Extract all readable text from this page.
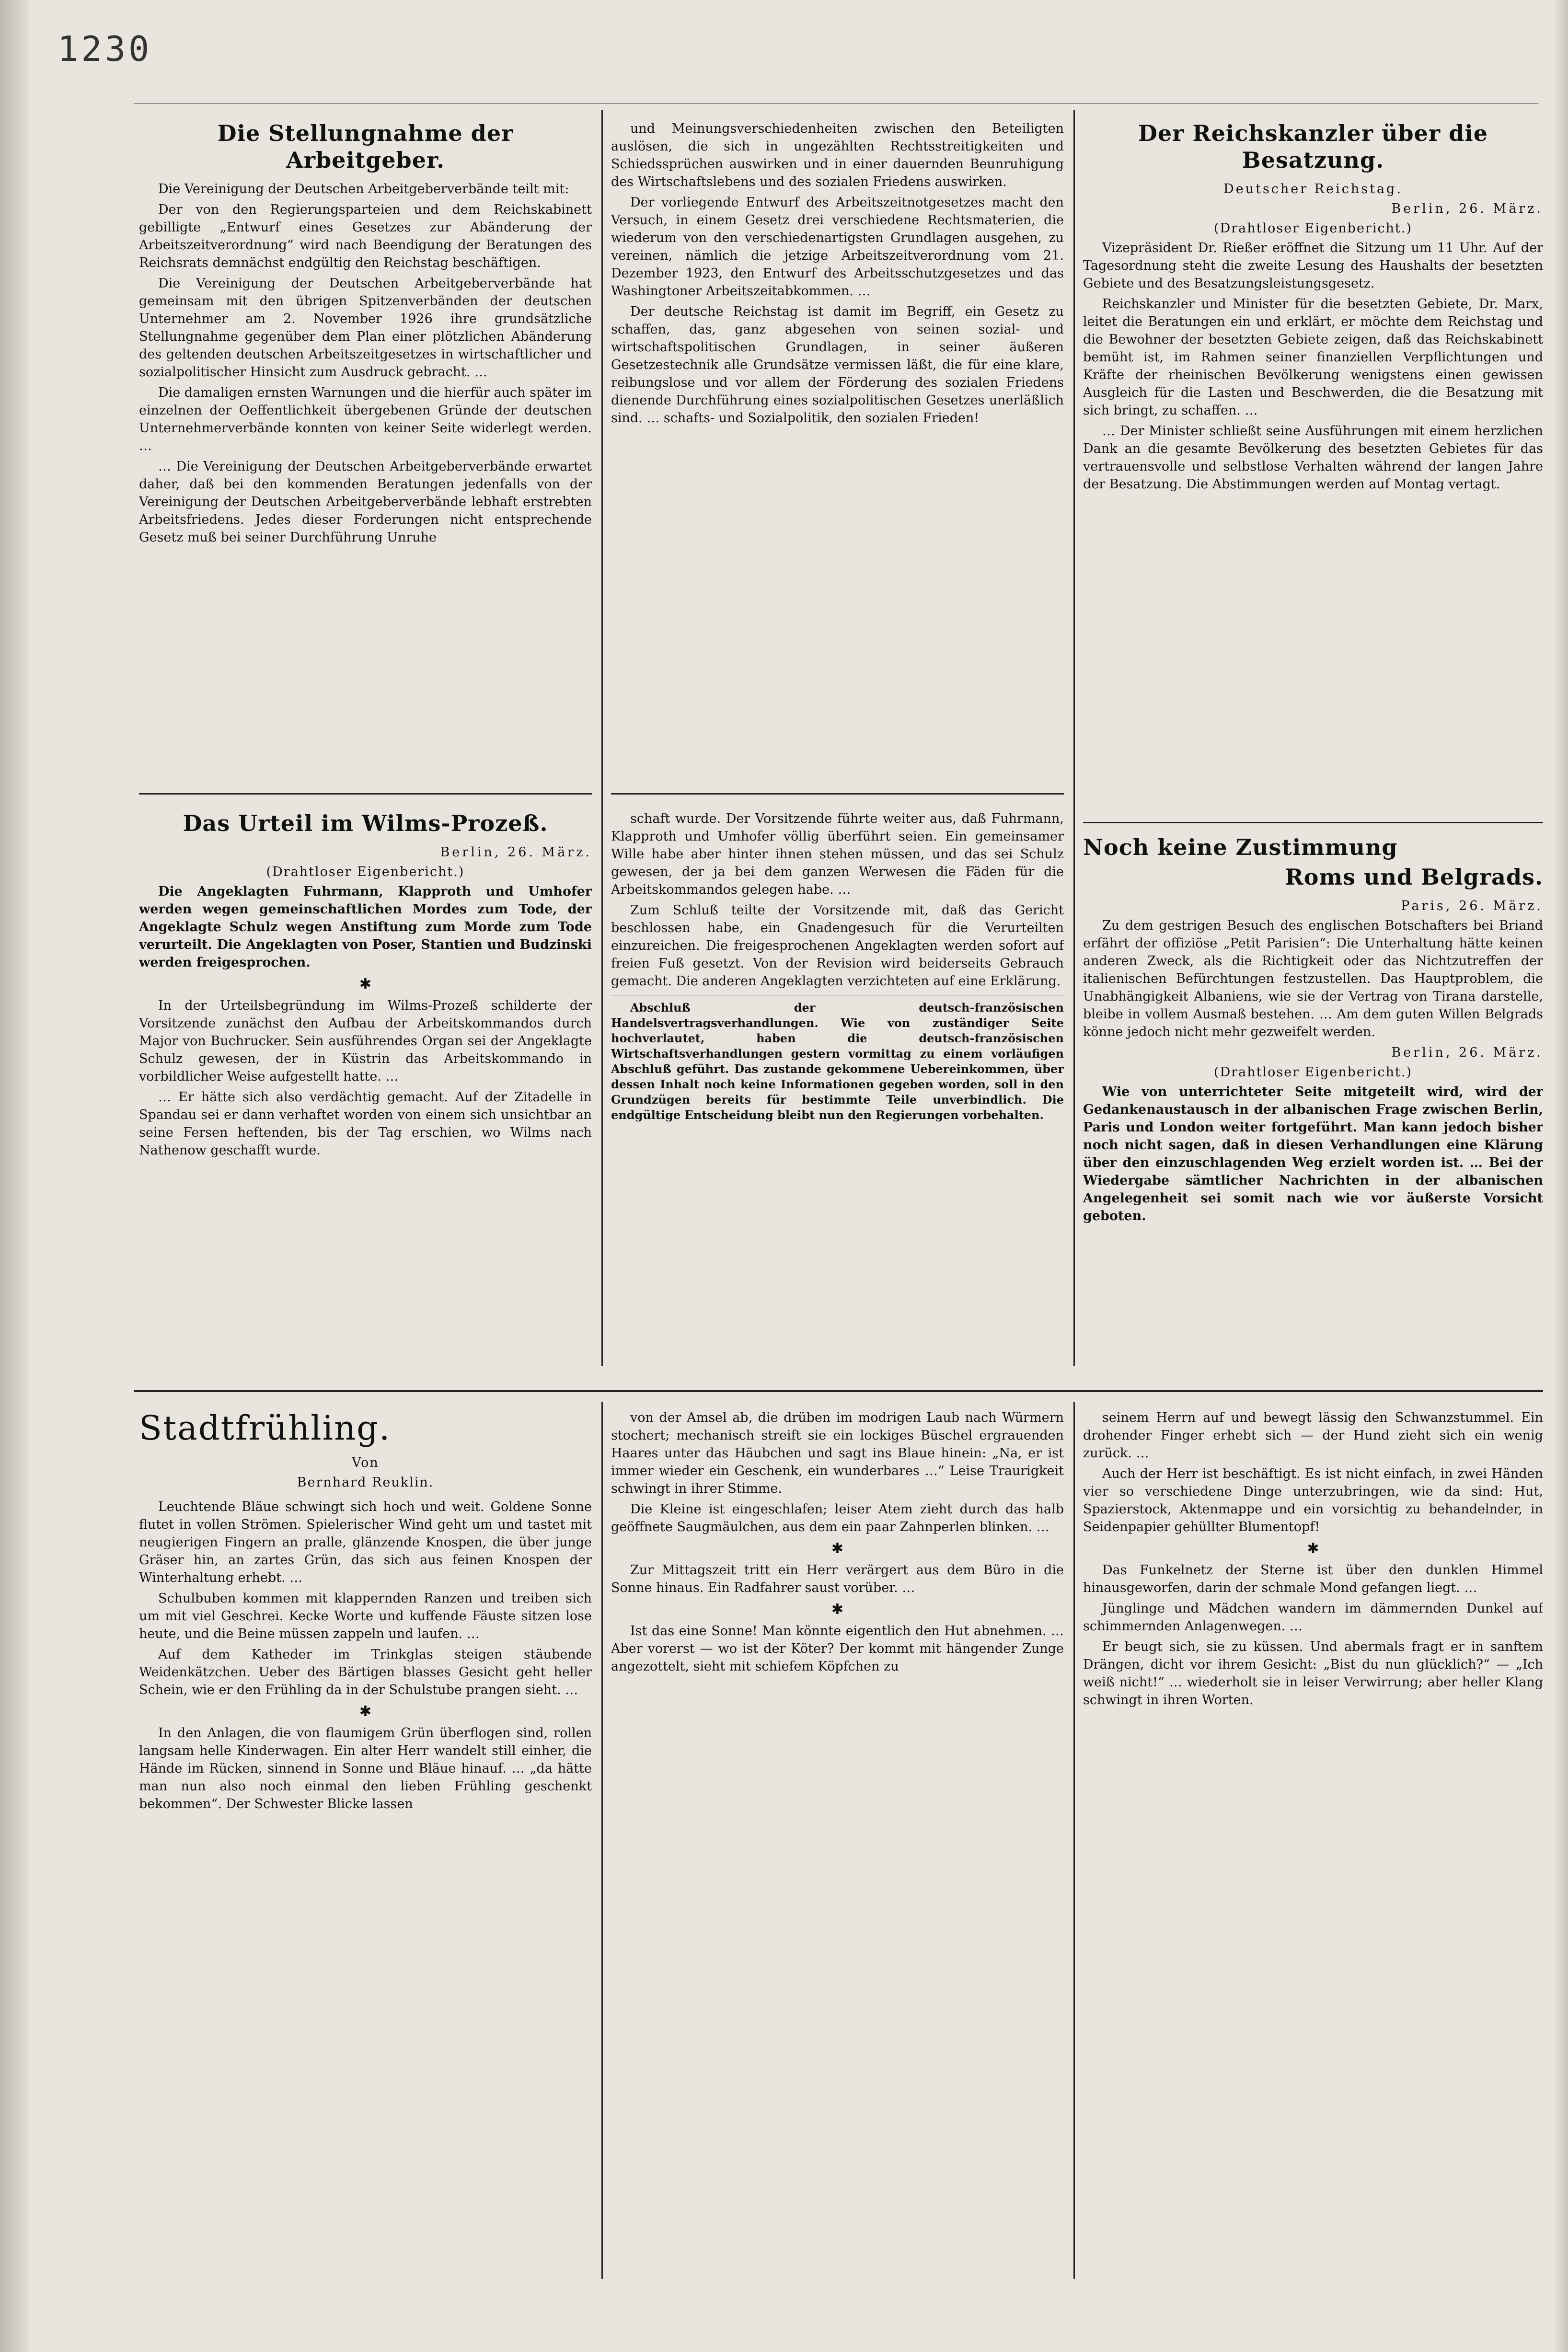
1230
Die Stellungnahme der Arbeitgeber.

Die Vereinigung der Deutschen Arbeitgeberverbände teilt mit:

Der von den Regierungsparteien und dem Reichskabinett gebilligte „Entwurf eines Gesetzes zur Abänderung der Arbeitszeitverordnung“ wird nach Beendigung der Beratungen des Reichsrats demnächst endgültig den Reichstag beschäftigen.

Die Vereinigung der Deutschen Arbeitgeberverbände hat gemeinsam mit den übrigen Spitzenverbänden der deutschen Unternehmer am 2. November 1926 ihre grundsätzliche Stellungnahme gegenüber dem Plan einer plötzlichen Abänderung des geltenden deutschen Arbeitszeitgesetzes in wirtschaftlicher und sozialpolitischer Hinsicht zum Ausdruck gebracht. …

Die damaligen ernsten Warnungen und die hierfür auch später im einzelnen der Oeffentlichkeit übergebenen Gründe der deutschen Unternehmerverbände konnten von keiner Seite widerlegt werden. …

… Die Vereinigung der Deutschen Arbeitgeberverbände erwartet daher, daß bei den kommenden Beratungen jedenfalls von der Vereinigung der Deutschen Arbeitgeberverbände lebhaft erstrebten Arbeitsfriedens. Jedes dieser Forderungen nicht entsprechende Gesetz muß bei seiner Durchführung Unruhe

und Meinungsverschiedenheiten zwischen den Beteiligten auslösen, die sich in ungezählten Rechtsstreitigkeiten und Schiedssprüchen auswirken und in einer dauernden Beunruhigung des Wirtschaftslebens und des sozialen Friedens auswirken.

Der vorliegende Entwurf des Arbeitszeitnotgesetzes macht den Versuch, in einem Gesetz drei verschiedene Rechtsmaterien, die wiederum von den verschiedenartigsten Grundlagen ausgehen, zu vereinen, nämlich die jetzige Arbeitszeitverordnung vom 21. Dezember 1923, den Entwurf des Arbeitsschutzgesetzes und das Washingtoner Arbeitszeitabkommen. …

Der deutsche Reichstag ist damit im Begriff, ein Gesetz zu schaffen, das, ganz abgesehen von seinen sozial- und wirtschaftspolitischen Grundlagen, in seiner äußeren Gesetzestechnik alle Grundsätze vermissen läßt, die für eine klare, reibungslose und vor allem der Förderung des sozialen Friedens dienende Durchführung eines sozialpolitischen Gesetzes unerläßlich sind. … schafts- und Sozialpolitik, den sozialen Frieden!

Das Urteil im Wilms-Prozeß.
Berlin, 26. März.
(Drahtloser Eigenbericht.)

Die Angeklagten Fuhrmann, Klapproth und Umhofer werden wegen gemeinschaftlichen Mordes zum Tode, der Angeklagte Schulz wegen Anstiftung zum Morde zum Tode verurteilt. Die Angeklagten von Poser, Stantien und Budzinski werden freigesprochen.

✱

In der Urteilsbegründung im Wilms-Prozeß schilderte der Vorsitzende zunächst den Aufbau der Arbeitskommandos durch Major von Buchrucker. Sein ausführendes Organ sei der Angeklagte Schulz gewesen, der in Küstrin das Arbeitskommando in vorbildlicher Weise aufgestellt hatte. …

… Er hätte sich also verdächtig gemacht. Auf der Zitadelle in Spandau sei er dann verhaftet worden von einem sich unsichtbar an seine Fersen heftenden, bis der Tag erschien, wo Wilms nach Nathenow geschafft wurde.

schaft wurde. Der Vorsitzende führte weiter aus, daß Fuhrmann, Klapproth und Umhofer völlig überführt seien. Ein gemeinsamer Wille habe aber hinter ihnen stehen müssen, und das sei Schulz gewesen, der ja bei dem ganzen Werwesen die Fäden für die Arbeitskommandos gelegen habe. …

Zum Schluß teilte der Vorsitzende mit, daß das Gericht beschlossen habe, ein Gnadengesuch für die Verurteilten einzureichen. Die freigesprochenen Angeklagten werden sofort auf freien Fuß gesetzt. Von der Revision wird beiderseits Gebrauch gemacht. Die anderen Angeklagten verzichteten auf eine Erklärung.

Abschluß der deutsch-französischen Handelsvertragsverhandlungen. Wie von zuständiger Seite hochverlautet, haben die deutsch-französischen Wirtschaftsverhandlungen gestern vormittag zu einem vorläufigen Abschluß geführt. Das zustande gekommene Uebereinkommen, über dessen Inhalt noch keine Informationen gegeben worden, soll in den Grundzügen bereits für bestimmte Teile unverbindlich. Die endgültige Entscheidung bleibt nun den Regierungen vorbehalten.

Der Reichskanzler über die Besatzung.
Deutscher Reichstag.
Berlin, 26. März.
(Drahtloser Eigenbericht.)

Vizepräsident Dr. Rießer eröffnet die Sitzung um 11 Uhr. Auf der Tagesordnung steht die zweite Lesung des Haushalts der besetzten Gebiete und des Besatzungsleistungsgesetz.

Reichskanzler und Minister für die besetzten Gebiete, Dr. Marx, leitet die Beratungen ein und erklärt, er möchte dem Reichstag und die Bewohner der besetzten Gebiete zeigen, daß das Reichskabinett bemüht ist, im Rahmen seiner finanziellen Verpflichtungen und Kräfte der rheinischen Bevölkerung wenigstens einen gewissen Ausgleich für die Lasten und Beschwerden, die die Besatzung mit sich bringt, zu schaffen. …

… Der Minister schließt seine Ausführungen mit einem herzlichen Dank an die gesamte Bevölkerung des besetzten Gebietes für das vertrauensvolle und selbstlose Verhalten während der langen Jahre der Besatzung. Die Abstimmungen werden auf Montag vertagt.

Noch keine Zustimmung
Roms und Belgrads.
Paris, 26. März.

Zu dem gestrigen Besuch des englischen Botschafters bei Briand erfährt der offiziöse „Petit Parisien“: Die Unterhaltung hätte keinen anderen Zweck, als die Richtigkeit oder das Nichtzutreffen der italienischen Befürchtungen festzustellen. Das Hauptproblem, die Unabhängigkeit Albaniens, wie sie der Vertrag von Tirana darstelle, bleibe in vollem Ausmaß bestehen. … Am dem guten Willen Belgrads könne jedoch nicht mehr gezweifelt werden.

Berlin, 26. März.
(Drahtloser Eigenbericht.)

Wie von unterrichteter Seite mitgeteilt wird, wird der Gedankenaustausch in der albanischen Frage zwischen Berlin, Paris und London weiter fortgeführt. Man kann jedoch bisher noch nicht sagen, daß in diesen Verhandlungen eine Klärung über den einzuschlagenden Weg erzielt worden ist. … Bei der Wiedergabe sämtlicher Nachrichten in der albanischen Angelegenheit sei somit nach wie vor äußerste Vorsicht geboten.

Stadtfrühling.
Von
Bernhard Reuklin.

Leuchtende Bläue schwingt sich hoch und weit. Goldene Sonne flutet in vollen Strömen. Spielerischer Wind geht um und tastet mit neugierigen Fingern an pralle, glänzende Knospen, die über junge Gräser hin, an zartes Grün, das sich aus feinen Knospen der Winterhaltung erhebt. …

Schulbuben kommen mit klappernden Ranzen und treiben sich um mit viel Geschrei. Kecke Worte und kuffende Fäuste sitzen lose heute, und die Beine müssen zappeln und laufen. …

Auf dem Katheder im Trinkglas steigen stäubende Weidenkätzchen. Ueber des Bärtigen blasses Gesicht geht heller Schein, wie er den Frühling da in der Schulstube prangen sieht. …

✱

In den Anlagen, die von flaumigem Grün überflogen sind, rollen langsam helle Kinderwagen. Ein alter Herr wandelt still einher, die Hände im Rücken, sinnend in Sonne und Bläue hinauf. … „da hätte man nun also noch einmal den lieben Frühling geschenkt bekommen“. Der Schwester Blicke lassen

von der Amsel ab, die drüben im modrigen Laub nach Würmern stochert; mechanisch streift sie ein lockiges Büschel ergrauenden Haares unter das Häubchen und sagt ins Blaue hinein: „Na, er ist immer wieder ein Geschenk, ein wunderbares …“ Leise Traurigkeit schwingt in ihrer Stimme.

Die Kleine ist eingeschlafen; leiser Atem zieht durch das halb geöffnete Saugmäulchen, aus dem ein paar Zahnperlen blinken. …

✱

Zur Mittagszeit tritt ein Herr verärgert aus dem Büro in die Sonne hinaus. Ein Radfahrer saust vorüber. …

✱

Ist das eine Sonne! Man könnte eigentlich den Hut abnehmen. … Aber vorerst — wo ist der Köter? Der kommt mit hängender Zunge angezottelt, sieht mit schiefem Köpfchen zu

seinem Herrn auf und bewegt lässig den Schwanzstummel. Ein drohender Finger erhebt sich — der Hund zieht sich ein wenig zurück. …

Auch der Herr ist beschäftigt. Es ist nicht einfach, in zwei Händen vier so verschiedene Dinge unterzubringen, wie da sind: Hut, Spazierstock, Aktenmappe und ein vorsichtig zu behandelnder, in Seidenpapier gehüllter Blumentopf!

✱

Das Funkelnetz der Sterne ist über den dunklen Himmel hinausgeworfen, darin der schmale Mond gefangen liegt. …

Jünglinge und Mädchen wandern im dämmernden Dunkel auf schimmernden Anlagenwegen. …

Er beugt sich, sie zu küssen. Und abermals fragt er in sanftem Drängen, dicht vor ihrem Gesicht: „Bist du nun glücklich?“ — „Ich weiß nicht!“ … wiederholt sie in leiser Verwirrung; aber heller Klang schwingt in ihren Worten.
